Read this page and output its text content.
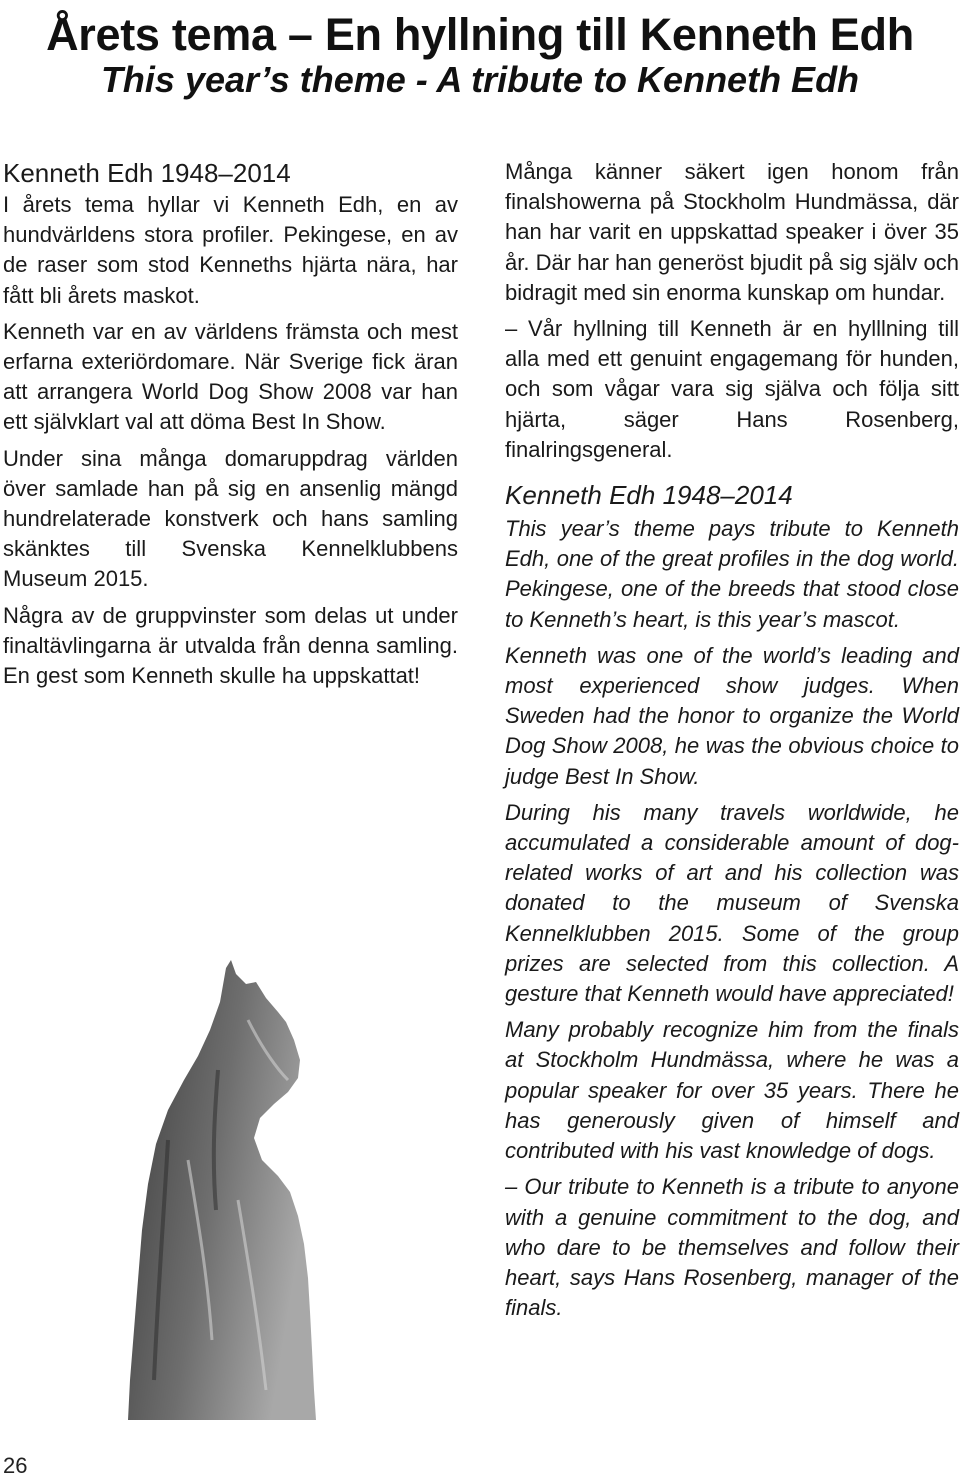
Årets tema – En hyllning till Kenneth Edh
This year’s theme - A tribute to Kenneth Edh

Kenneth Edh 1948–2014

I årets tema hyllar vi Kenneth Edh, en av hundvärldens stora profiler. Pekingese, en av de raser som stod Kenneths hjärta nära, har fått bli årets maskot.

Kenneth var en av världens främsta och mest erfarna exteriördomare. När Sverige fick äran att arrangera World Dog Show 2008 var han ett självklart val att döma Best In Show.

Under sina många domaruppdrag världen över samlade han på sig en ansenlig mängd hundrelaterade konstverk och hans samling skänktes till Svenska Kennelklubbens Museum 2015.

Några av de gruppvinster som delas ut under finaltävlingarna är utvalda från denna samling. En gest som Kenneth skulle ha uppskattat!

Många känner säkert igen honom från finalshowerna på Stockholm Hundmässa, där han har varit en uppskattad speaker i över 35 år. Där har han generöst bjudit på sig själv och bidragit med sin enorma kunskap om hundar.

– Vår hyllning till Kenneth är en hylllning till alla med ett genuint engagemang för hunden, och som vågar vara sig själva och följa sitt hjärta, säger Hans Rosenberg, finalringsgeneral.

Kenneth Edh 1948–2014

This year’s theme pays tribute to Kenneth Edh, one of the great profiles in the dog world. Pekingese, one of the breeds that stood close to Kenneth’s heart, is this year’s mascot.

Kenneth was one of the world’s leading and most experienced show judges. When Sweden had the honor to organize the World Dog Show 2008, he was the obvious choice to judge Best In Show.

During his many travels worldwide, he accumulated a considerable amount of dog-related works of art and his collection was donated to the museum of Svenska Kennelklubben 2015. Some of the group prizes are selected from this collection. A gesture that Kenneth would have appreciated!

Many probably recognize him from the finals at Stockholm Hundmässa, where he was a popular speaker for over 35 years. There he has generously given of himself and contributed with his vast knowledge of dogs.

– Our tribute to Kenneth is a tribute to anyone with a genuine commitment to the dog, and who dare to be themselves and follow their heart, says Hans Rosenberg, manager of the finals.

26
